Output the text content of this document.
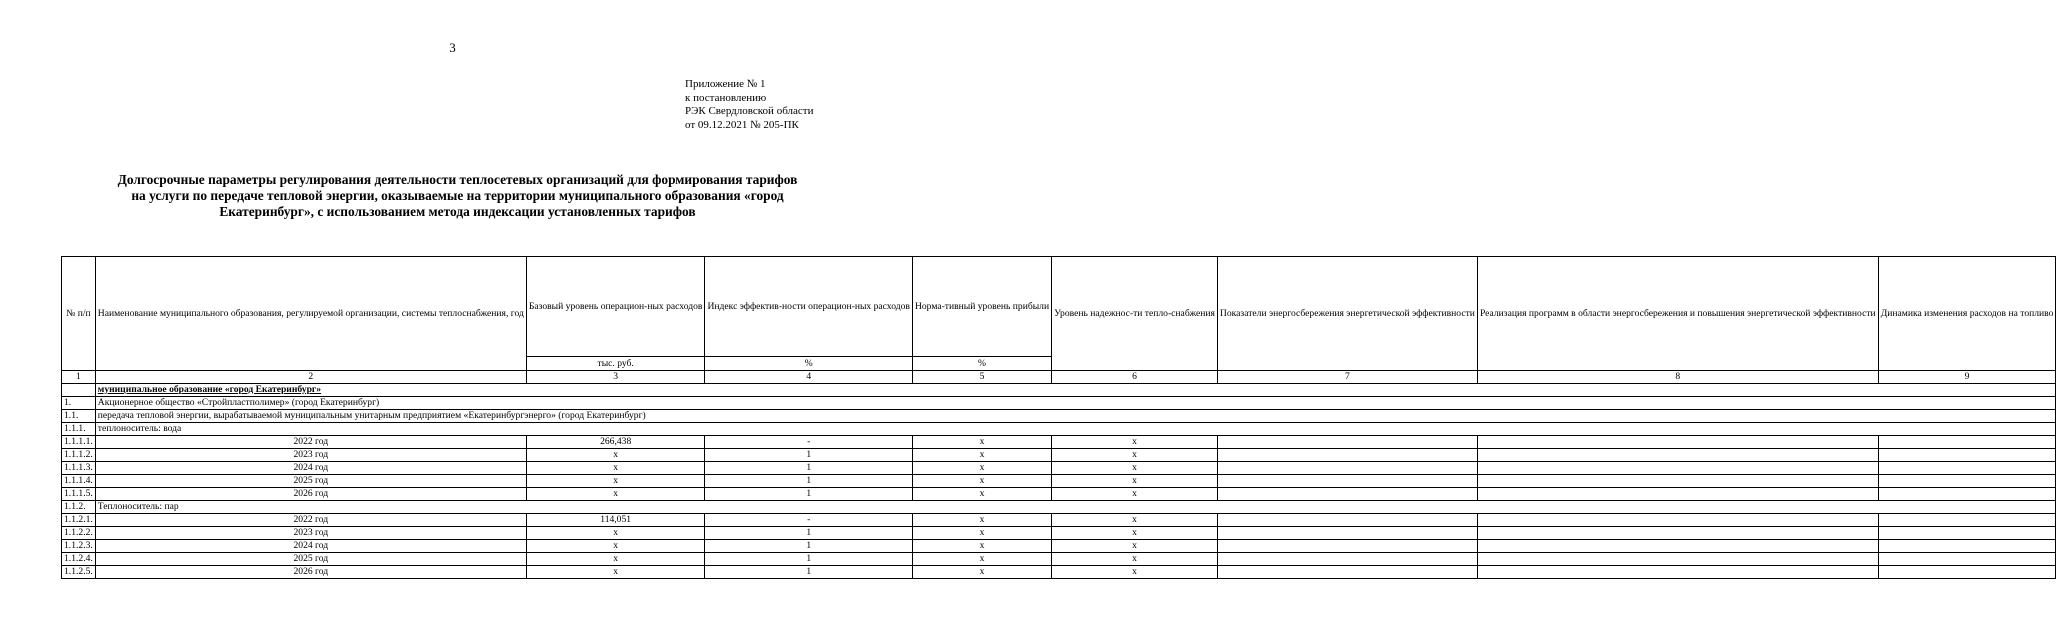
3
Приложение № 1
к постановлению
РЭК Свердловской области
от 09.12.2021 № 205-ПК
Долгосрочные параметры регулирования деятельности теплосетевых организаций для формирования тарифов
на услуги по передаче тепловой энергии, оказываемые на территории муниципального образования «город
Екатеринбург», с использованием метода индексации установленных тарифов
№ п/п	Наименование муниципального образования, регулируемой организации, системы теплоснабжения, год	Базовый уровень операцион-ных расходов	Индекс эффектив-ности операцион-ных расходов	Норма-тивный уровень прибыли	Уровень надежнос-ти тепло-снабжения	Показатели энергосбережения энергетической эффективности	Реализация программ в области энергосбережения и повышения энергетической эффективности	Динамика изменения расходов на топливо
		тыс. руб.	%	%				
1	2	3	4	5	6	7	8	9
	муниципальное образование «город Екатеринбург»							
1.	Акционерное общество «Стройпластполимер» (город Екатеринбург)							
1.1.	передача тепловой энергии, вырабатываемой муниципальным унитарным предприятием «Екатеринбургэнерго» (город Екатеринбург)							
1.1.1.	теплоноситель: вода							
1.1.1.1.	2022 год	266,438	-	х	х			
1.1.1.2.	2023 год	х	1	х	х			
1.1.1.3.	2024 год	х	1	х	х			
1.1.1.4.	2025 год	х	1	х	х			
1.1.1.5.	2026 год	х	1	х	х			
1.1.2.	Теплоноситель: пар							
1.1.2.1.	2022 год	114,051	-	х	х			
1.1.2.2.	2023 год	х	1	х	х			
1.1.2.3.	2024 год	х	1	х	х			
1.1.2.4.	2025 год	х	1	х	х			
1.1.2.5.	2026 год	х	1	х	х			
